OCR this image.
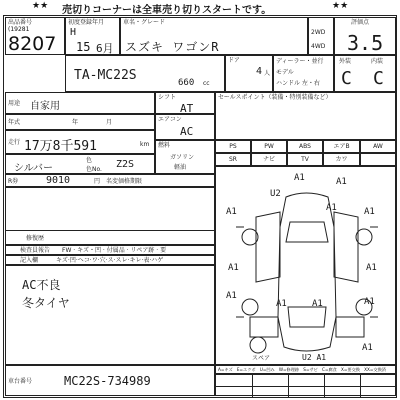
★★ 売切りコーナーは全車売り切りスタートです。	★★
出品番号
(19281
8207
初度登録年月
H
15 6月
車名・グレード
スズキ ワゴンR
2WD
4WD
評価点
3.5
TA-MC22S	660 cc
ドア
4 人
ディーラー・並行
モデル
ハンドル 左・右
外装	内装
C C
用途 自家用
年式	年	月
走行 17万8千591	km
シルバー
色
色No. Z2S
シフト
AT
エアコン
AC
燃料
ガソリン
軽油
セールスポイント（装備・特別装備など）
PS	PW	ABS	エアB	AW
SR	ナビ	TV	カワ
R券	9010	円 名変価格期限
修復歴
検査員報告 FW · キズ・凹 · 付属品 · リペア跡 · 要
記入欄	キズ·凹·ヘコ·ワ·穴·ス·スレ·キレ·表·ハゲ
AC不良
冬タイヤ
A1	A1
U2
A1	A1
A1
A1	A1
A1
A1	A1	A1
A1
スペア	U2 A1
A=キズ　E=エクボ　U=凹み　W=修理跡　S=サビ　C=腐食　X=要交換　XX=交換済
車台番号	MC22S-734989
